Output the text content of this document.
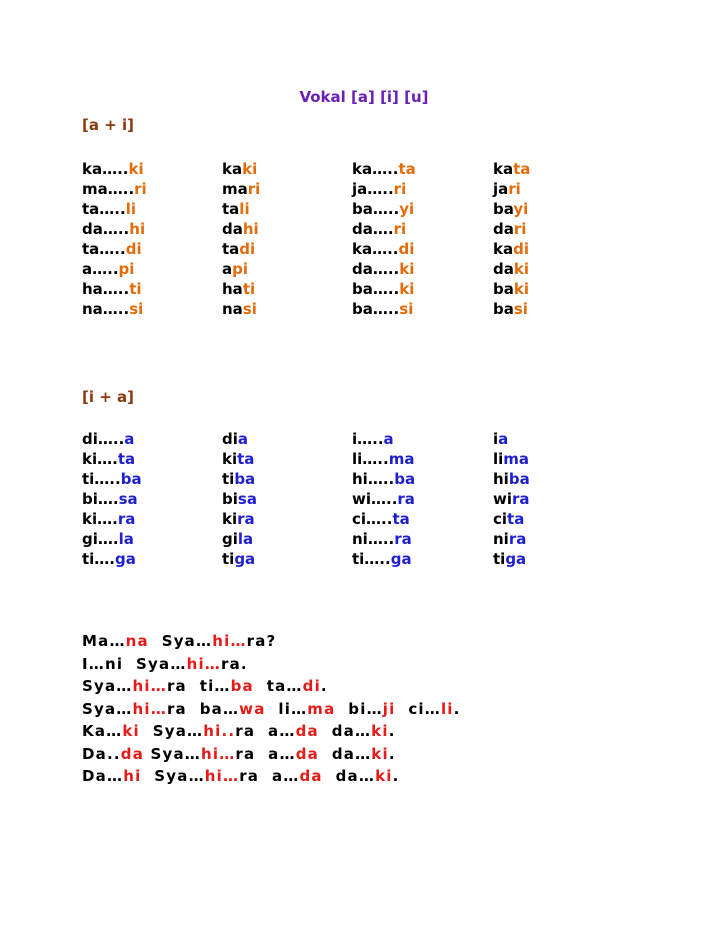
Vokal [a] [i] [u]
[a + i]
ka…..ki	kaki	ka…..ta	kata
ma…..ri	mari	ja…..ri	jari
ta…..li	tali	ba…..yi	bayi
da…..hi	dahi	da….ri	dari
ta…..di	tadi	ka…..di	kadi
a…..pi	api	da…..ki	daki
ha…..ti	hati	ba…..ki	baki
na…..si	nasi	ba…..si	basi
[i + a]
di…..a	dia	i…..a	ia
ki….ta	kita	li…..ma	lima
ti…..ba	tiba	hi…..ba	hiba
bi….sa	bisa	wi…..ra	wira
ki….ra	kira	ci…..ta	cita
gi….la	gila	ni…..ra	nira
ti….ga	tiga	ti…..ga	tiga
Ma…na  Sya…hi…ra?
I…ni  Sya…hi…ra.
Sya…hi…ra  ti…ba  ta…di.
Sya…hi…ra  ba…wa  li…ma  bi…ji  ci…li.
Ka…ki  Sya…hi..ra  a…da  da…ki.
Da..da Sya…hi…ra  a…da  da…ki.
Da…hi  Sya…hi…ra  a…da  da…ki.
